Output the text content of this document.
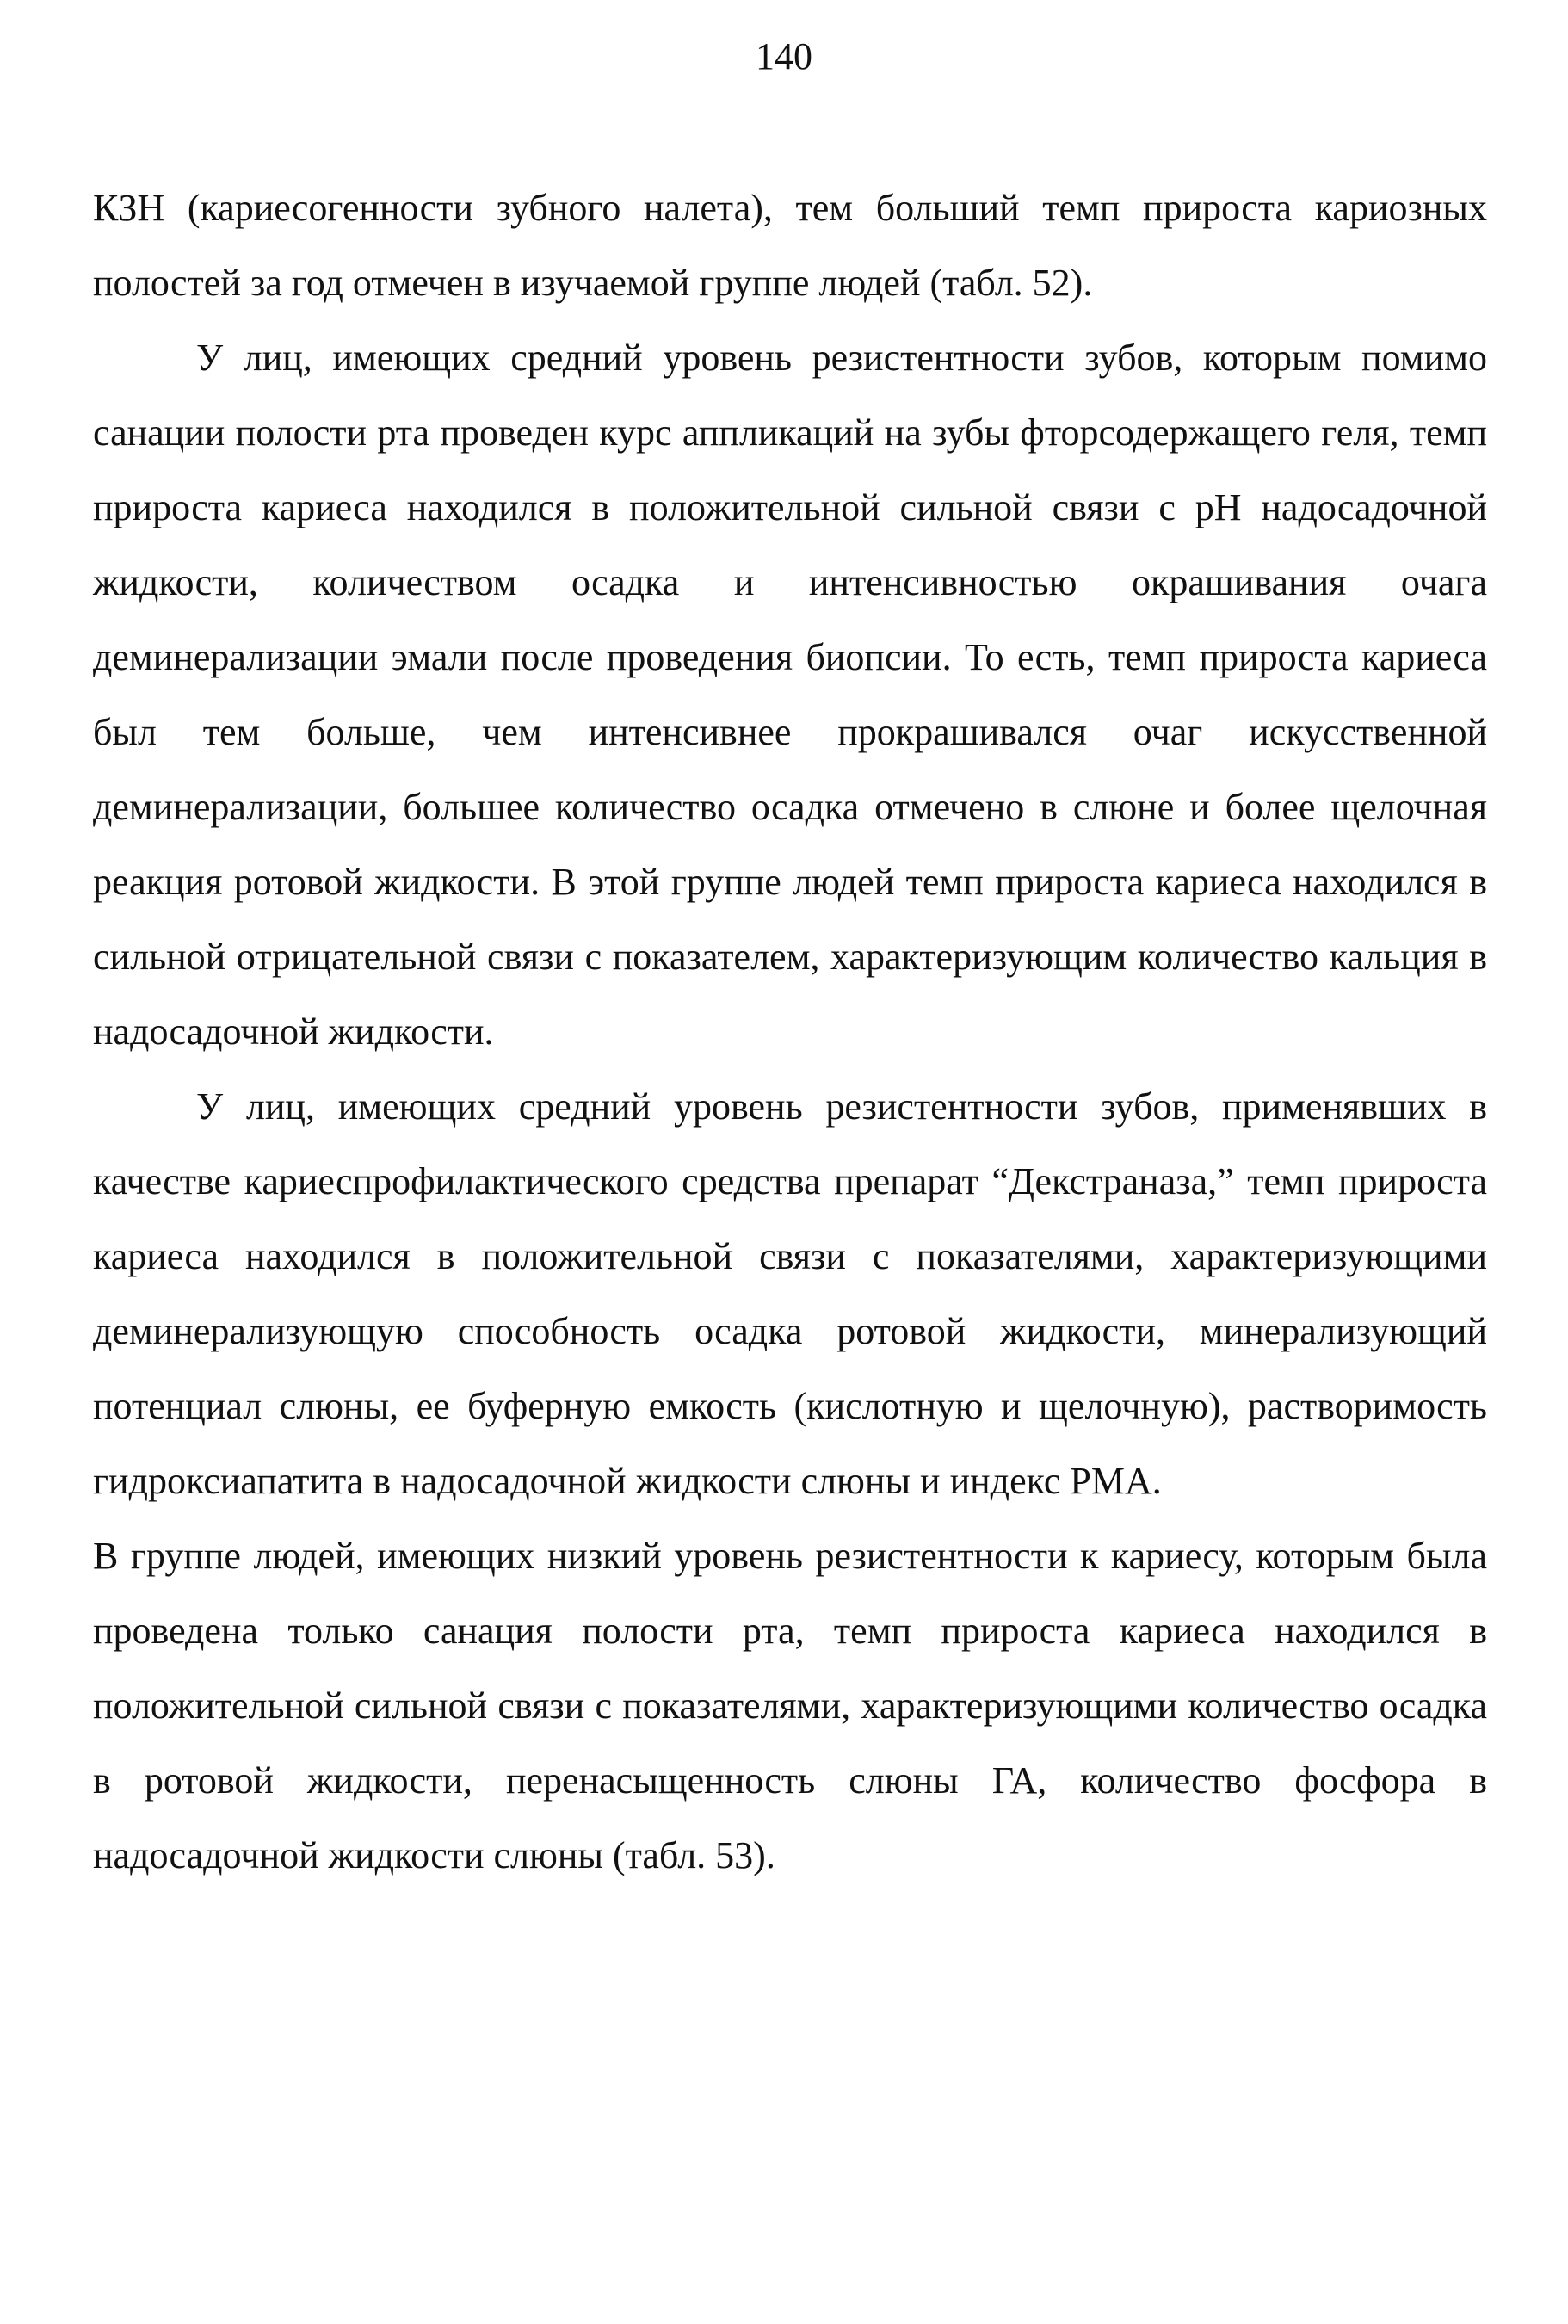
140

КЗН (кариесогенности зубного налета), тем больший темп прироста кариозных полостей за год отмечен в изучаемой группе людей (табл. 52).

У лиц, имеющих средний уровень резистентности зубов, которым помимо санации полости рта проведен курс аппликаций на зубы фторсодержащего геля, темп прироста кариеса находился в положительной сильной связи с рН надосадочной жидкости, количеством осадка и интенсивностью окрашивания очага деминерализации эмали после проведения биопсии. То есть, темп прироста кариеса был тем больше, чем интенсивнее прокрашивался очаг искусственной деминерализации, большее количество осадка отмечено в слюне и более щелочная реакция ротовой жидкости. В этой группе людей темп прироста кариеса находился в сильной отрицательной связи с показателем, характеризующим количество кальция в надосадочной жидкости.

У лиц, имеющих средний уровень резистентности зубов, применявших в качестве кариеспрофилактического средства препарат “Декстраназа,” темп прироста кариеса находился в положительной связи с показателями, характеризующими деминерализующую способность осадка ротовой жидкости, минерализующий потенциал слюны, ее буферную емкость (кислотную и щелочную), растворимость гидроксиапатита в надосадочной жидкости слюны и индекс РМА.

В группе людей, имеющих низкий уровень резистентности к кариесу, которым была проведена только санация полости рта, темп прироста кариеса находился в положительной сильной связи с показателями, характеризующими количество осадка в ротовой жидкости, перенасыщенность слюны ГА, количество фосфора в надосадочной жидкости слюны (табл. 53).
